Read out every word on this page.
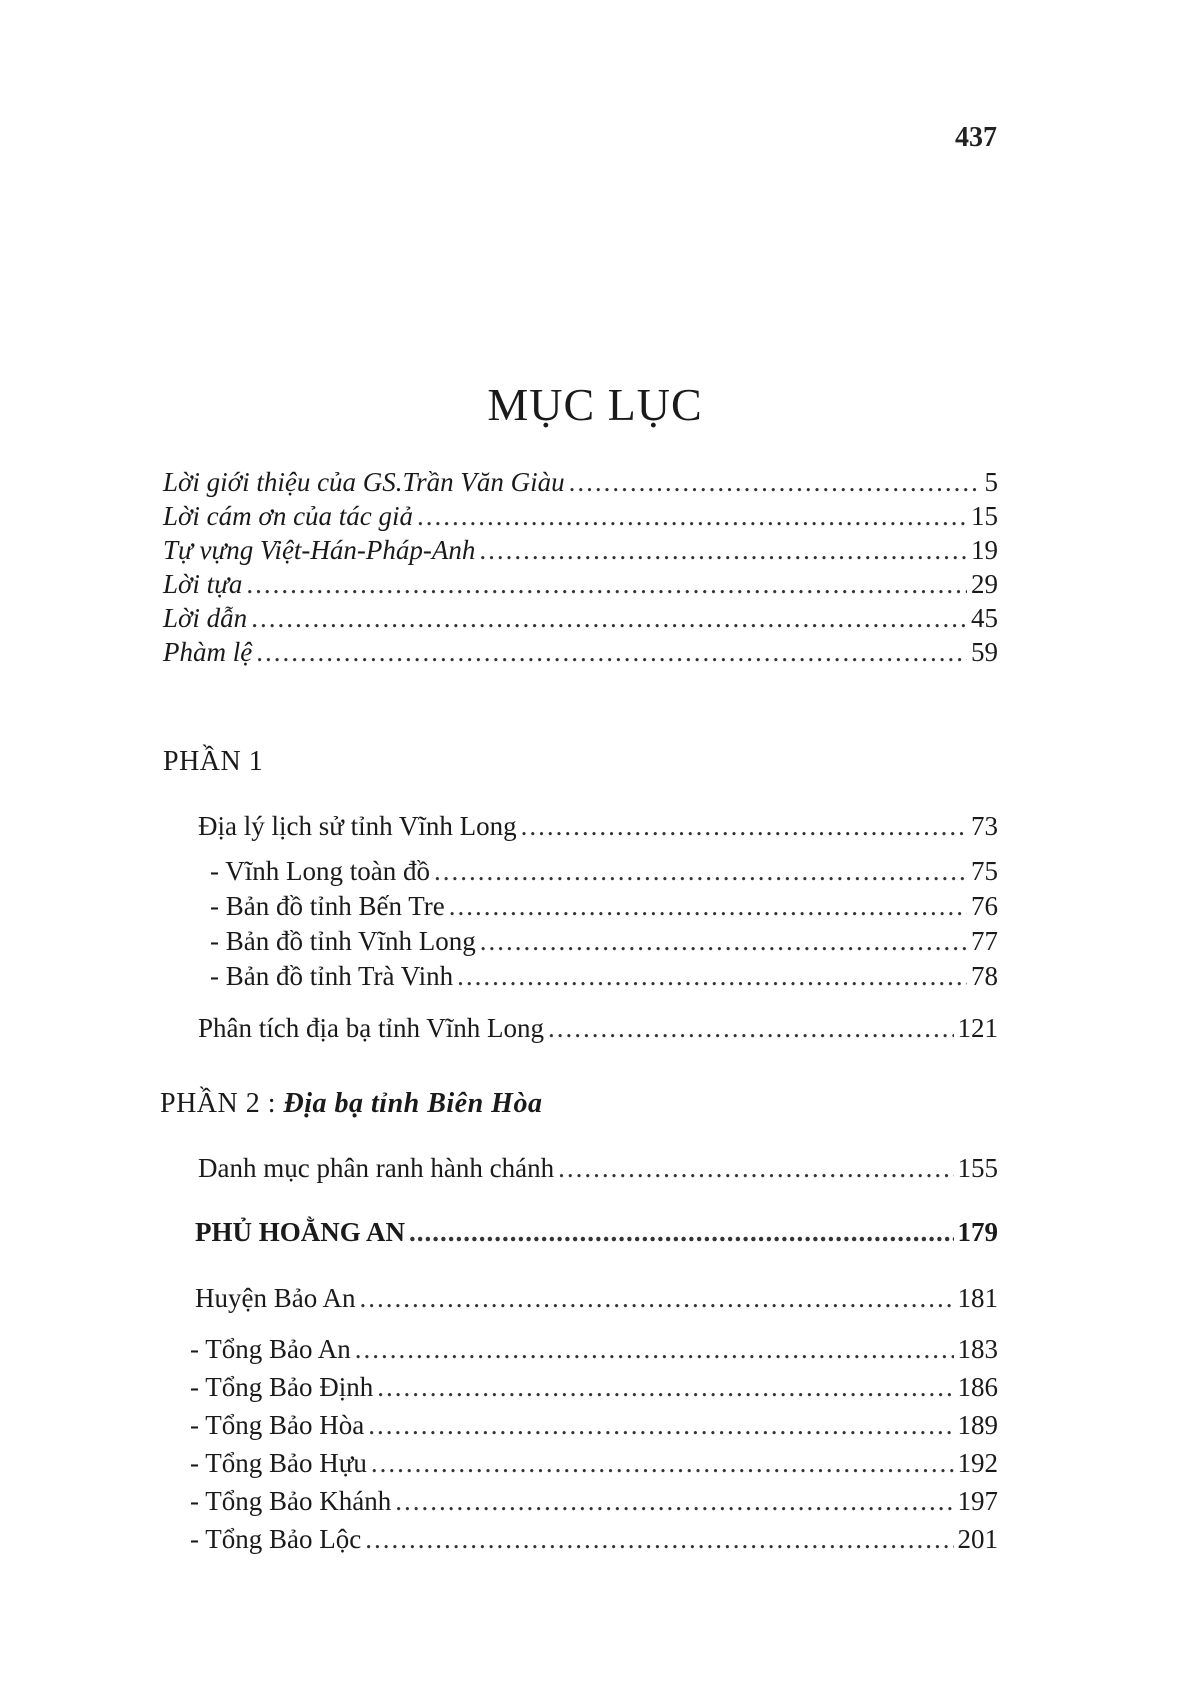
437
MỤC LỤC
Lời giới thiệu của GS.Trần Văn Giàu .....	5
Lời cám ơn của tác giả .....	15
Tự vựng Việt-Hán-Pháp-Anh .....	19
Lời tựa .....	29
Lời dẫn .....	45
Phàm lệ .....	59
PHẦN 1
Địa lý lịch sử tỉnh Vĩnh Long .....	73
- Vĩnh Long toàn đồ .....	75
- Bản đồ tỉnh Bến Tre .....	76
- Bản đồ tỉnh Vĩnh Long .....	77
- Bản đồ tỉnh Trà Vinh .....	78
Phân tích địa bạ tỉnh Vĩnh Long .....	121
PHẦN 2 : Địa bạ tỉnh Biên Hòa
Danh mục phân ranh hành chánh .....	155
PHỦ HOẰNG AN .....	179
Huyện Bảo An .....	181
- Tổng Bảo An .....	183
- Tổng Bảo Định .....	186
- Tổng Bảo Hòa .....	189
- Tổng Bảo Hựu .....	192
- Tổng Bảo Khánh .....	197
- Tổng Bảo Lộc .....	201
